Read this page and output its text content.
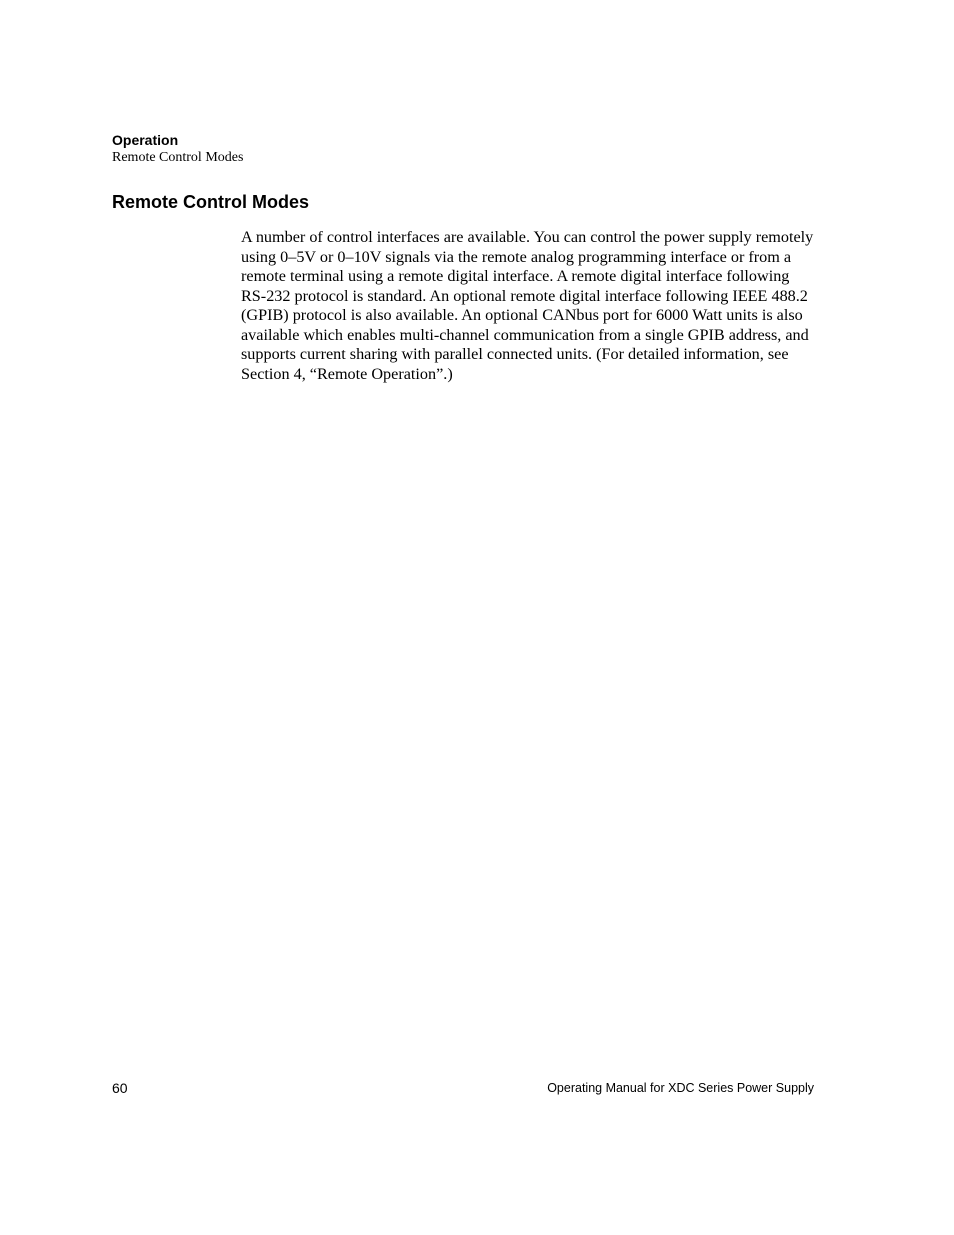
Operation

Remote Control Modes

Remote Control Modes

A number of control interfaces are available. You can control the power supply remotely using 0–5V or 0–10V signals via the remote analog programming interface or from a remote terminal using a remote digital interface. A remote digital interface following RS-232 protocol is standard. An optional remote digital interface following IEEE 488.2 (GPIB) protocol is also available. An optional CANbus port for 6000 Watt units is also available which enables multi-channel communication from a single GPIB address, and supports current sharing with parallel connected units. (For detailed information, see Section 4, “Remote Operation”.)

60	Operating Manual for XDC Series Power Supply
